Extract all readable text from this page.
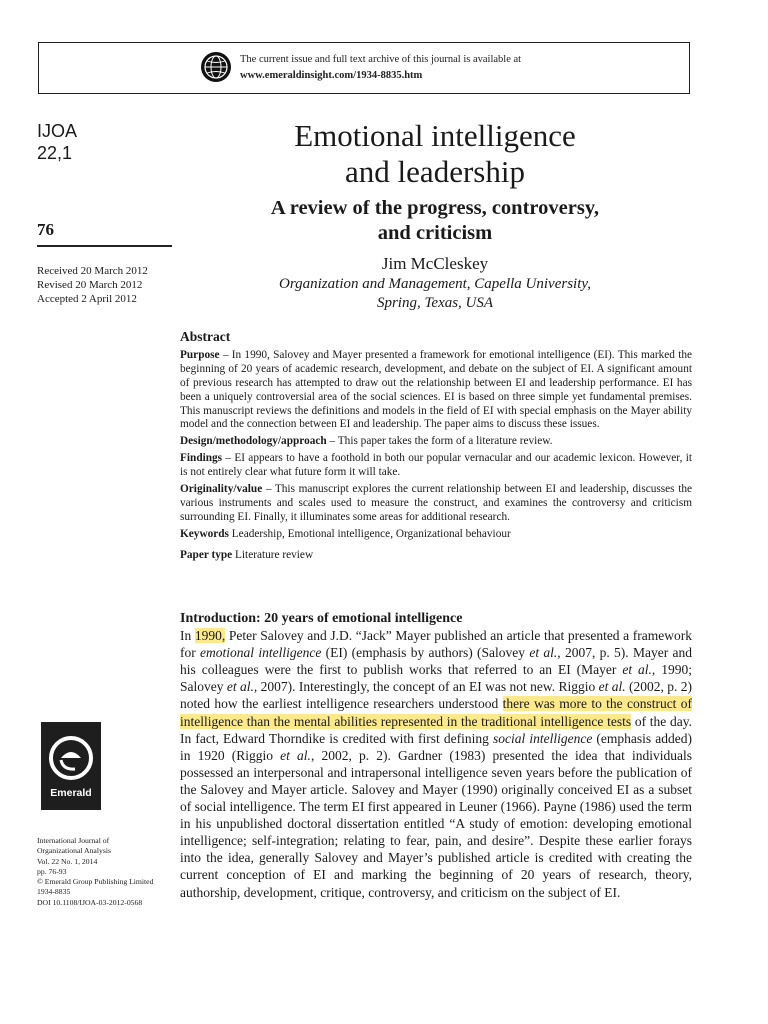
The current issue and full text archive of this journal is available at
www.emeraldinsight.com/1934-8835.htm
IJOA
22,1
76
Received 20 March 2012
Revised 20 March 2012
Accepted 2 April 2012
Emerald
International Journal of
Organizational Analysis
Vol. 22 No. 1, 2014
pp. 76-93
© Emerald Group Publishing Limited
1934-8835
DOI 10.1108/IJOA-03-2012-0568
Emotional intelligence
and leadership
A review of the progress, controversy,
and criticism
Jim McCleskey
Organization and Management, Capella University,
Spring, Texas, USA
Abstract

Purpose – In 1990, Salovey and Mayer presented a framework for emotional intelligence (EI). This marked the beginning of 20 years of academic research, development, and debate on the subject of EI. A significant amount of previous research has attempted to draw out the relationship between EI and leadership performance. EI has been a uniquely controversial area of the social sciences. EI is based on three simple yet fundamental premises. This manuscript reviews the definitions and models in the field of EI with special emphasis on the Mayer ability model and the connection between EI and leadership. The paper aims to discuss these issues.

Design/methodology/approach – This paper takes the form of a literature review.

Findings – EI appears to have a foothold in both our popular vernacular and our academic lexicon. However, it is not entirely clear what future form it will take.

Originality/value – This manuscript explores the current relationship between EI and leadership, discusses the various instruments and scales used to measure the construct, and examines the controversy and criticism surrounding EI. Finally, it illuminates some areas for additional research.

Keywords Leadership, Emotional intelligence, Organizational behaviour

Paper type Literature review

Introduction: 20 years of emotional intelligence
In 1990, Peter Salovey and J.D. “Jack” Mayer published an article that presented a framework for emotional intelligence (EI) (emphasis by authors) (Salovey et al., 2007, p. 5). Mayer and his colleagues were the first to publish works that referred to an EI (Mayer et al., 1990; Salovey et al., 2007). Interestingly, the concept of an EI was not new. Riggio et al. (2002, p. 2) noted how the earliest intelligence researchers understood there was more to the construct of intelligence than the mental abilities represented in the traditional intelligence tests of the day. In fact, Edward Thorndike is credited with first defining social intelligence (emphasis added) in 1920 (Riggio et al., 2002, p. 2). Gardner (1983) presented the idea that individuals possessed an interpersonal and intrapersonal intelligence seven years before the publication of the Salovey and Mayer article. Salovey and Mayer (1990) originally conceived EI as a subset of social intelligence. The term EI first appeared in Leuner (1966). Payne (1986) used the term in his unpublished doctoral dissertation entitled “A study of emotion: developing emotional intelligence; self-integration; relating to fear, pain, and desire”. Despite these earlier forays into the idea, generally Salovey and Mayer’s published article is credited with creating the current conception of EI and marking the beginning of 20 years of research, theory, authorship, development, critique, controversy, and criticism on the subject of EI.
